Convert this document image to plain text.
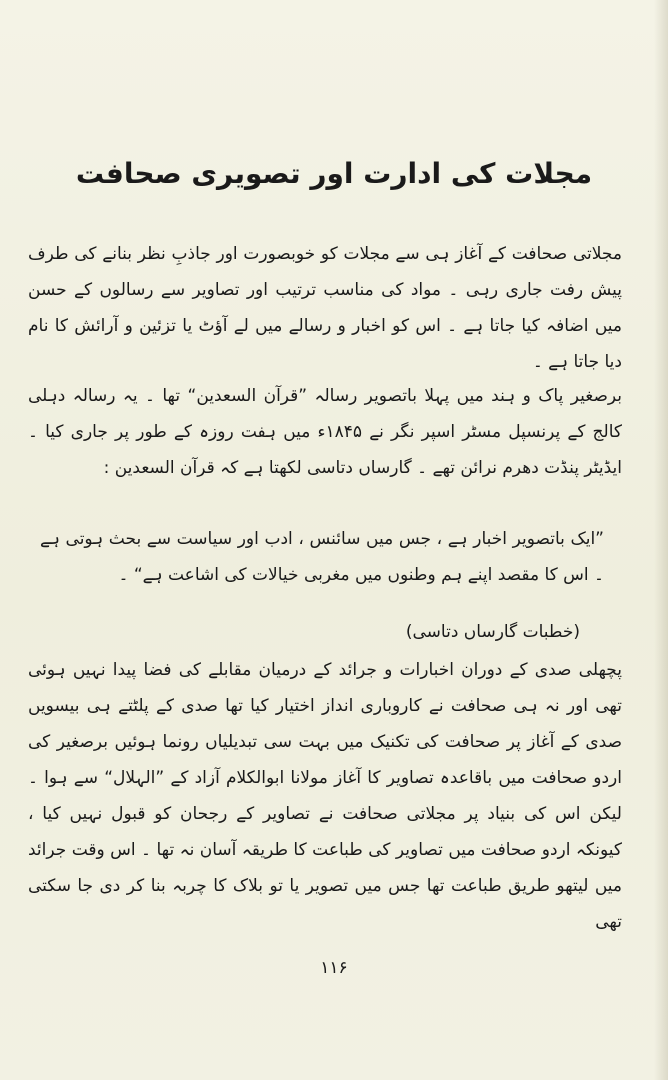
مجلات کی ادارت اور تصویری صحافت

مجلاتی صحافت کے آغاز ہی سے مجلات کو خوبصورت اور جاذبِ نظر بنانے کی طرف پیش رفت جاری رہی ۔ مواد کی مناسب ترتیب اور تصاویر سے رسالوں کے حسن میں اضافہ کیا جاتا ہے ۔ اس کو اخبار و رسالے میں لے آؤٹ یا تزئین و آرائش کا نام دیا جاتا ہے ۔

برصغیر پاک و ہند میں پہلا باتصویر رسالہ ”قرآن السعدین“ تھا ۔ یہ رسالہ دہلی کالج کے پرنسپل مسٹر اسپر نگر نے ۱۸۴۵ء میں ہفت روزہ کے طور پر جاری کیا ۔ ایڈیٹر پنڈت دھرم نرائن تھے ۔ گارساں دتاسی لکھتا ہے کہ قرآن السعدین :

”ایک باتصویر اخبار ہے ، جس میں سائنس ، ادب اور سیاست سے بحث ہوتی ہے ۔ اس کا مقصد اپنے ہم وطنوں میں مغربی خیالات کی اشاعت ہے“ ۔

(خطبات گارساں دتاسی)

پچھلی صدی کے دوران اخبارات و جرائد کے درمیان مقابلے کی فضا پیدا نہیں ہوئی تھی اور نہ ہی صحافت نے کاروباری انداز اختیار کیا تھا صدی کے پلٹتے ہی بیسویں صدی کے آغاز پر صحافت کی تکنیک میں بہت سی تبدیلیاں رونما ہوئیں برصغیر کی اردو صحافت میں باقاعدہ تصاویر کا آغاز مولانا ابوالکلام آزاد کے ”الہلال“ سے ہوا ۔ لیکن اس کی بنیاد پر مجلاتی صحافت نے تصاویر کے رجحان کو قبول نہیں کیا ، کیونکہ اردو صحافت میں تصاویر کی طباعت کا طریقہ آسان نہ تھا ۔ اس وقت جرائد میں لیتھو طریق طباعت تھا جس میں تصویر یا تو بلاک کا چربہ بنا کر دی جا سکتی تھی

۱۱۶
